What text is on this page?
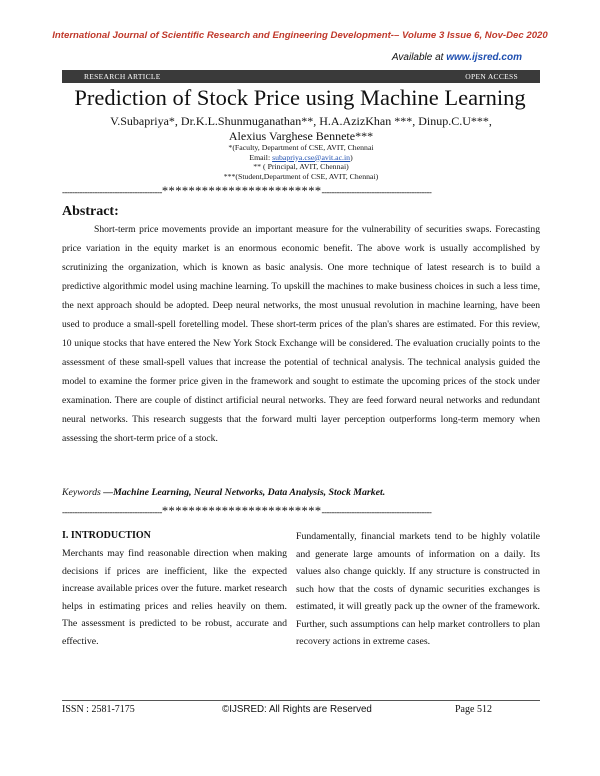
International Journal of Scientific Research and Engineering Development-– Volume 3 Issue 6, Nov-Dec 2020
Available at www.ijsred.com
RESEARCH ARTICLE	OPEN ACCESS
Prediction of Stock Price using Machine Learning
V.Subapriya*, Dr.K.L.Shunmuganathan**, H.A.AzizKhan ***, Dinup.C.U***,
Alexius Varghese Bennete***
*(Faculty, Department of CSE, AVIT, Chennai
Email: subapriya.cse@avit.ac.in)
** ( Principal, AVIT, Chennai)
***(Student,Department of CSE, AVIT, Chennai)
----------------------------------------************************--------------------------------------------
Abstract:
Short-term price movements provide an important measure for the vulnerability of securities swaps. Forecasting price variation in the equity market is an enormous economic benefit. The above work is usually accomplished by scrutinizing the organization, which is known as basic analysis. One more technique of latest research is to build a predictive algorithmic model using machine learning. To upskill the machines to make business choices in such a less time, the next approach should be adopted. Deep neural networks, the most unusual revolution in machine learning, have been used to produce a small-spell foretelling model. These short-term prices of the plan's shares are estimated. For this review, 10 unique stocks that have entered the New York Stock Exchange will be considered. The evaluation crucially points to the assessment of these small-spell values that increase the potential of technical analysis. The technical analysis guided the model to examine the former price given in the framework and sought to estimate the upcoming prices of the stock under examination. There are couple of distinct artificial neural networks. They are feed forward neural networks and redundant neural networks. This research suggests that the forward multi layer perception outperforms long-term memory when assessing the short-term price of a stock.
Keywords —Machine Learning, Neural Networks, Data Analysis, Stock Market.
----------------------------------------************************--------------------------------------------
I. INTRODUCTION
Merchants may find reasonable direction when making decisions if prices are inefficient, like the expected increase available prices over the future. market research helps in estimating prices and relies heavily on them. The assessment is predicted to be robust, accurate and effective.
Fundamentally, financial markets tend to be highly volatile and generate large amounts of information on a daily. Its values also change quickly. If any structure is constructed in such how that the costs of dynamic securities exchanges is estimated, it will greatly pack up the owner of the framework. Further, such assumptions can help market controllers to plan recovery actions in extreme cases.
ISSN : 2581-7175	©IJSRED: All Rights are Reserved	Page 512
